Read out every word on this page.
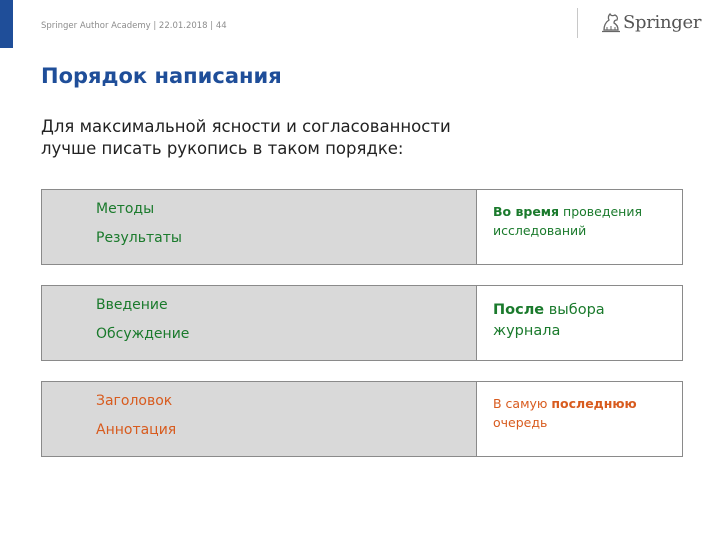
Springer Author Academy | 22.01.2018 | 44	Springer
Порядок написания
Для максимальной ясности и согласованности
лучше писать рукопись в таком порядке:
Методы
Результаты
Во время проведения
исследований
Введение
Обсуждение
После выбора
журнала
Заголовок
Аннотация
В самую последнюю
очередь
